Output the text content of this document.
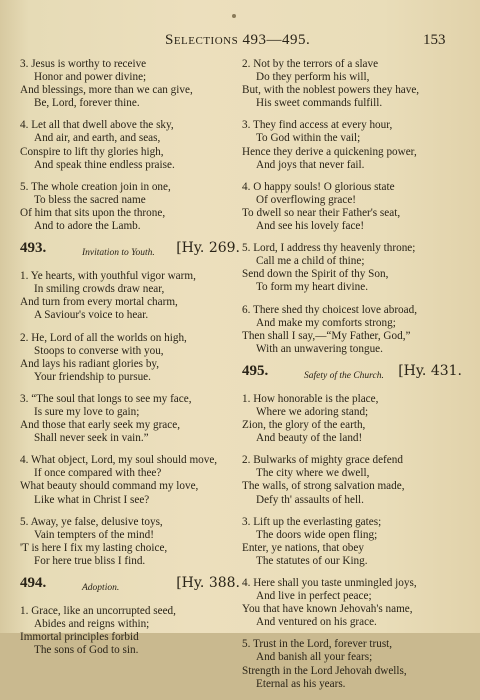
Selections 493—495.	153
3. Jesus is worthy to receive
Honor and power divine;
And blessings, more than we can give,
Be, Lord, forever thine.
4. Let all that dwell above the sky,
And air, and earth, and seas,
Conspire to lift thy glories high,
And speak thine endless praise.
5. The whole creation join in one,
To bless the sacred name
Of him that sits upon the throne,
And to adore the Lamb.
493.	Invitation to Youth. [Hy. 269.
1. Ye hearts, with youthful vigor warm,
In smiling crowds draw near,
And turn from every mortal charm,
A Saviour's voice to hear.
2. He, Lord of all the worlds on high,
Stoops to converse with you,
And lays his radiant glories by,
Your friendship to pursue.
3. “The soul that longs to see my face,
Is sure my love to gain;
And those that early seek my grace,
Shall never seek in vain.”
4. What object, Lord, my soul should move,
If once compared with thee?
What beauty should command my love,
Like what in Christ I see?
5. Away, ye false, delusive toys,
Vain tempters of the mind!
'T is here I fix my lasting choice,
For here true bliss I find.
494.	Adoption.	[Hy. 388.
1. Grace, like an uncorrupted seed,
Abides and reigns within;
Immortal principles forbid
The sons of God to sin.
2. Not by the terrors of a slave
Do they perform his will,
But, with the noblest powers they have,
His sweet commands fulfill.
3. They find access at every hour,
To God within the vail;
Hence they derive a quickening power,
And joys that never fail.
4. O happy souls! O glorious state
Of overflowing grace!
To dwell so near their Father's seat,
And see his lovely face!
5. Lord, I address thy heavenly throne;
Call me a child of thine;
Send down the Spirit of thy Son,
To form my heart divine.
6. There shed thy choicest love abroad,
And make my comforts strong;
Then shall I say,—“My Father, God,”
With an unwavering tongue.
495.	Safety of the Church. [Hy. 431.
1. How honorable is the place,
Where we adoring stand;
Zion, the glory of the earth,
And beauty of the land!
2. Bulwarks of mighty grace defend
The city where we dwell,
The walls, of strong salvation made,
Defy th' assaults of hell.
3. Lift up the everlasting gates;
The doors wide open fling;
Enter, ye nations, that obey
The statutes of our King.
4. Here shall you taste unmingled joys,
And live in perfect peace;
You that have known Jehovah's name,
And ventured on his grace.
5. Trust in the Lord, forever trust,
And banish all your fears;
Strength in the Lord Jehovah dwells,
Eternal as his years.
